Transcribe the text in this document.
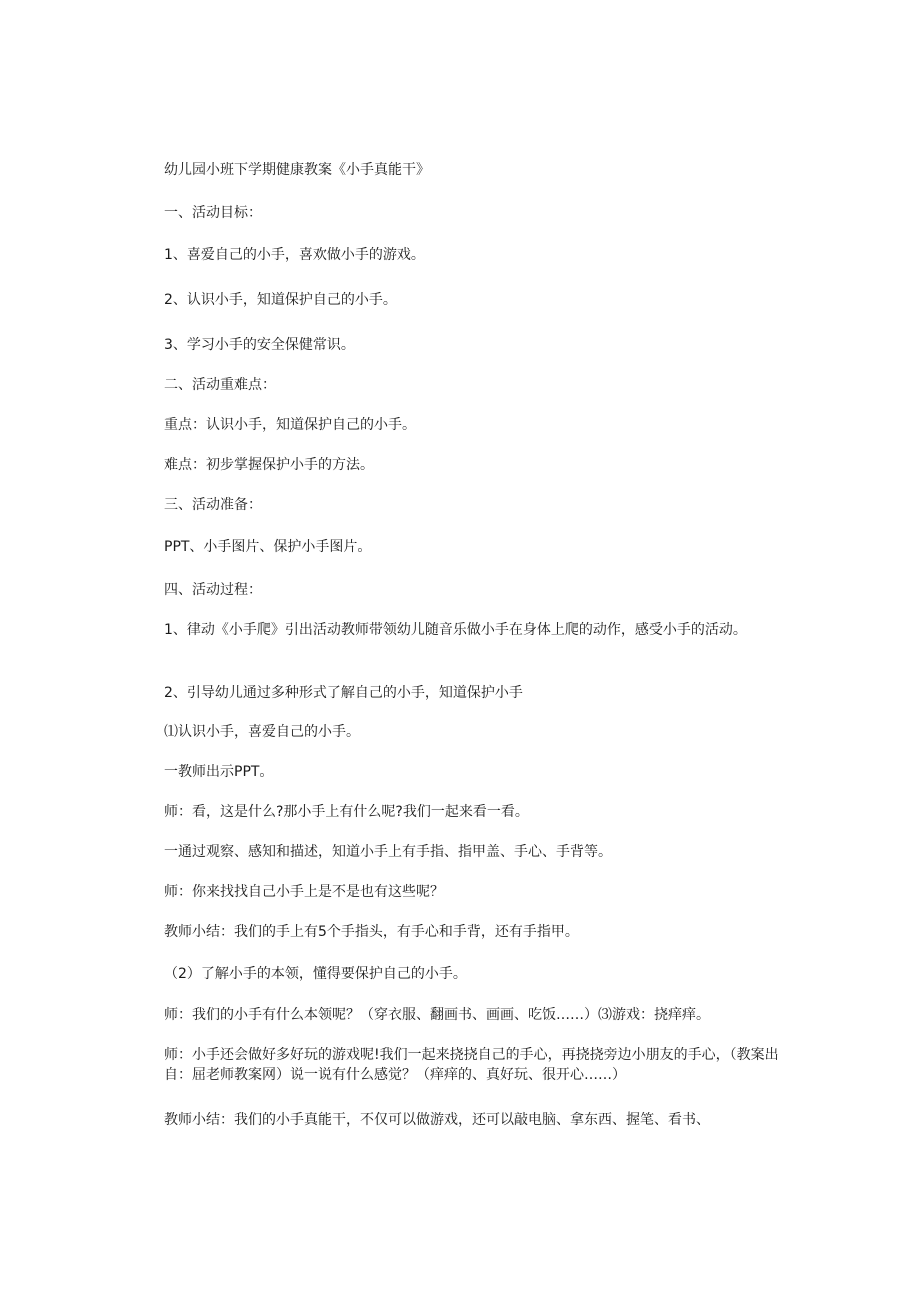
幼儿园小班下学期健康教案《小手真能干》

一、活动目标：

1、喜爱自己的小手，喜欢做小手的游戏。

2、认识小手，知道保护自己的小手。

3、学习小手的安全保健常识。

二、活动重难点：

重点：认识小手，知道保护自己的小手。

难点：初步掌握保护小手的方法。

三、活动准备：

PPT、小手图片、保护小手图片。

四、活动过程：

1、律动《小手爬》引出活动教师带领幼儿随音乐做小手在身体上爬的动作，感受小手的活动。

2、引导幼儿通过多种形式了解自己的小手，知道保护小手

⑴认识小手，喜爱自己的小手。

一教师出示PPT。

师：看，这是什么?那小手上有什么呢?我们一起来看一看。

一通过观察、感知和描述，知道小手上有手指、指甲盖、手心、手背等。

师：你来找找自己小手上是不是也有这些呢？

教师小结：我们的手上有5个手指头，有手心和手背，还有手指甲。

（2）了解小手的本领，懂得要保护自己的小手。

师：我们的小手有什么本领呢？（穿衣服、翻画书、画画、吃饭……）⑶游戏：挠痒痒。

师：小手还会做好多好玩的游戏呢!我们一起来挠挠自己的手心，再挠挠旁边小朋友的手心，（教案出自：屈老师教案网）说一说有什么感觉？（痒痒的、真好玩、很开心……）

教师小结：我们的小手真能干，不仅可以做游戏，还可以敲电脑、拿东西、握笔、看书、
